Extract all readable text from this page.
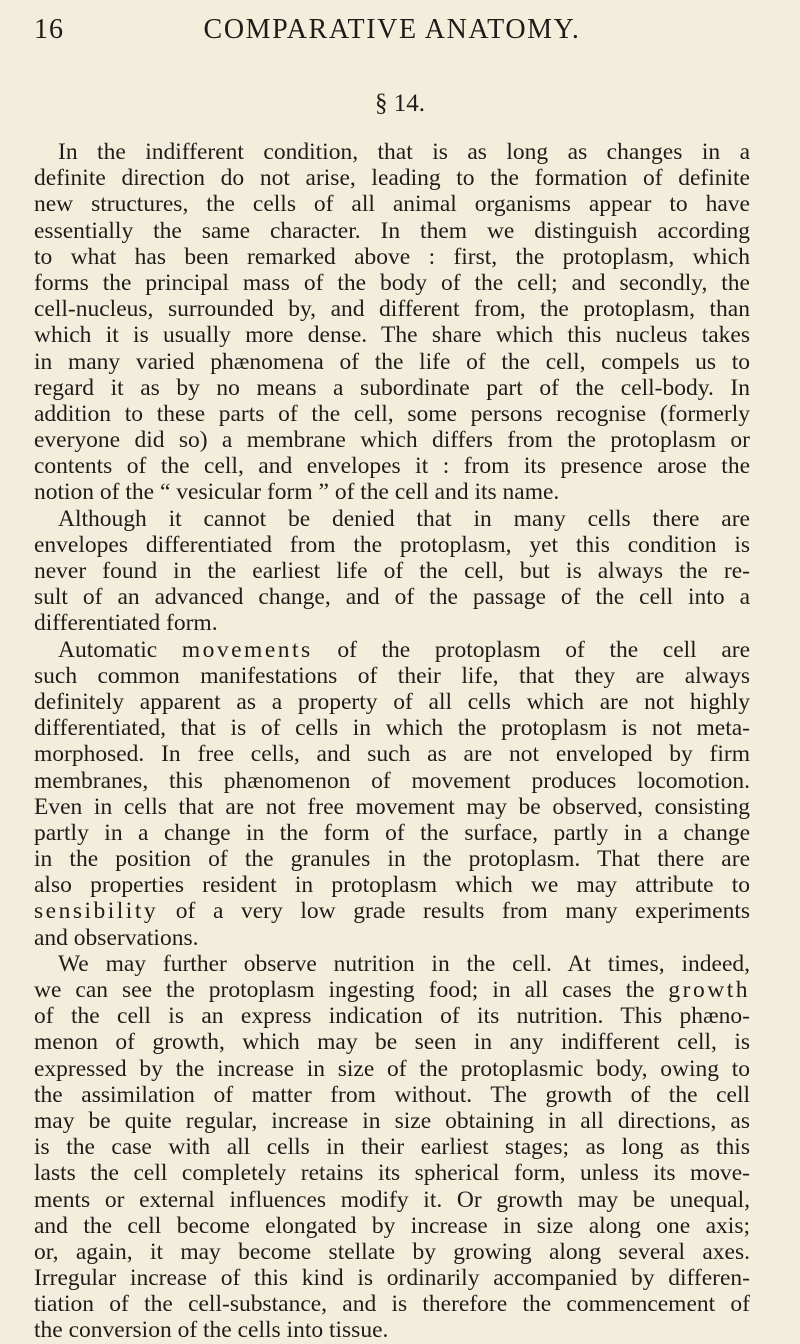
16	COMPARATIVE ANATOMY.
§ 14.
In the indifferent condition, that is as long as changes in a
definite direction do not arise, leading to the formation of definite
new structures, the cells of all animal organisms appear to have
essentially the same character. In them we distinguish according
to what has been remarked above : first, the protoplasm, which
forms the principal mass of the body of the cell; and secondly, the
cell-nucleus, surrounded by, and different from, the protoplasm, than
which it is usually more dense. The share which this nucleus takes
in many varied phænomena of the life of the cell, compels us to
regard it as by no means a subordinate part of the cell-body. In
addition to these parts of the cell, some persons recognise (formerly
everyone did so) a membrane which differs from the protoplasm or
contents of the cell, and envelopes it : from its presence arose the
notion of the “ vesicular form ” of the cell and its name.
Although it cannot be denied that in many cells there are
envelopes differentiated from the protoplasm, yet this condition is
never found in the earliest life of the cell, but is always the re-
sult of an advanced change, and of the passage of the cell into a
differentiated form.
Automatic movements of the protoplasm of the cell are
such common manifestations of their life, that they are always
definitely apparent as a property of all cells which are not highly
differentiated, that is of cells in which the protoplasm is not meta-
morphosed. In free cells, and such as are not enveloped by firm
membranes, this phænomenon of movement produces locomotion.
Even in cells that are not free movement may be observed, consisting
partly in a change in the form of the surface, partly in a change
in the position of the granules in the protoplasm. That there are
also properties resident in protoplasm which we may attribute to
sensibility of a very low grade results from many experiments
and observations.
We may further observe nutrition in the cell. At times, indeed,
we can see the protoplasm ingesting food; in all cases the growth
of the cell is an express indication of its nutrition. This phæno-
menon of growth, which may be seen in any indifferent cell, is
expressed by the increase in size of the protoplasmic body, owing to
the assimilation of matter from without. The growth of the cell
may be quite regular, increase in size obtaining in all directions, as
is the case with all cells in their earliest stages; as long as this
lasts the cell completely retains its spherical form, unless its move-
ments or external influences modify it. Or growth may be unequal,
and the cell become elongated by increase in size along one axis;
or, again, it may become stellate by growing along several axes.
Irregular increase of this kind is ordinarily accompanied by differen-
tiation of the cell-substance, and is therefore the commencement of
the conversion of the cells into tissue.
